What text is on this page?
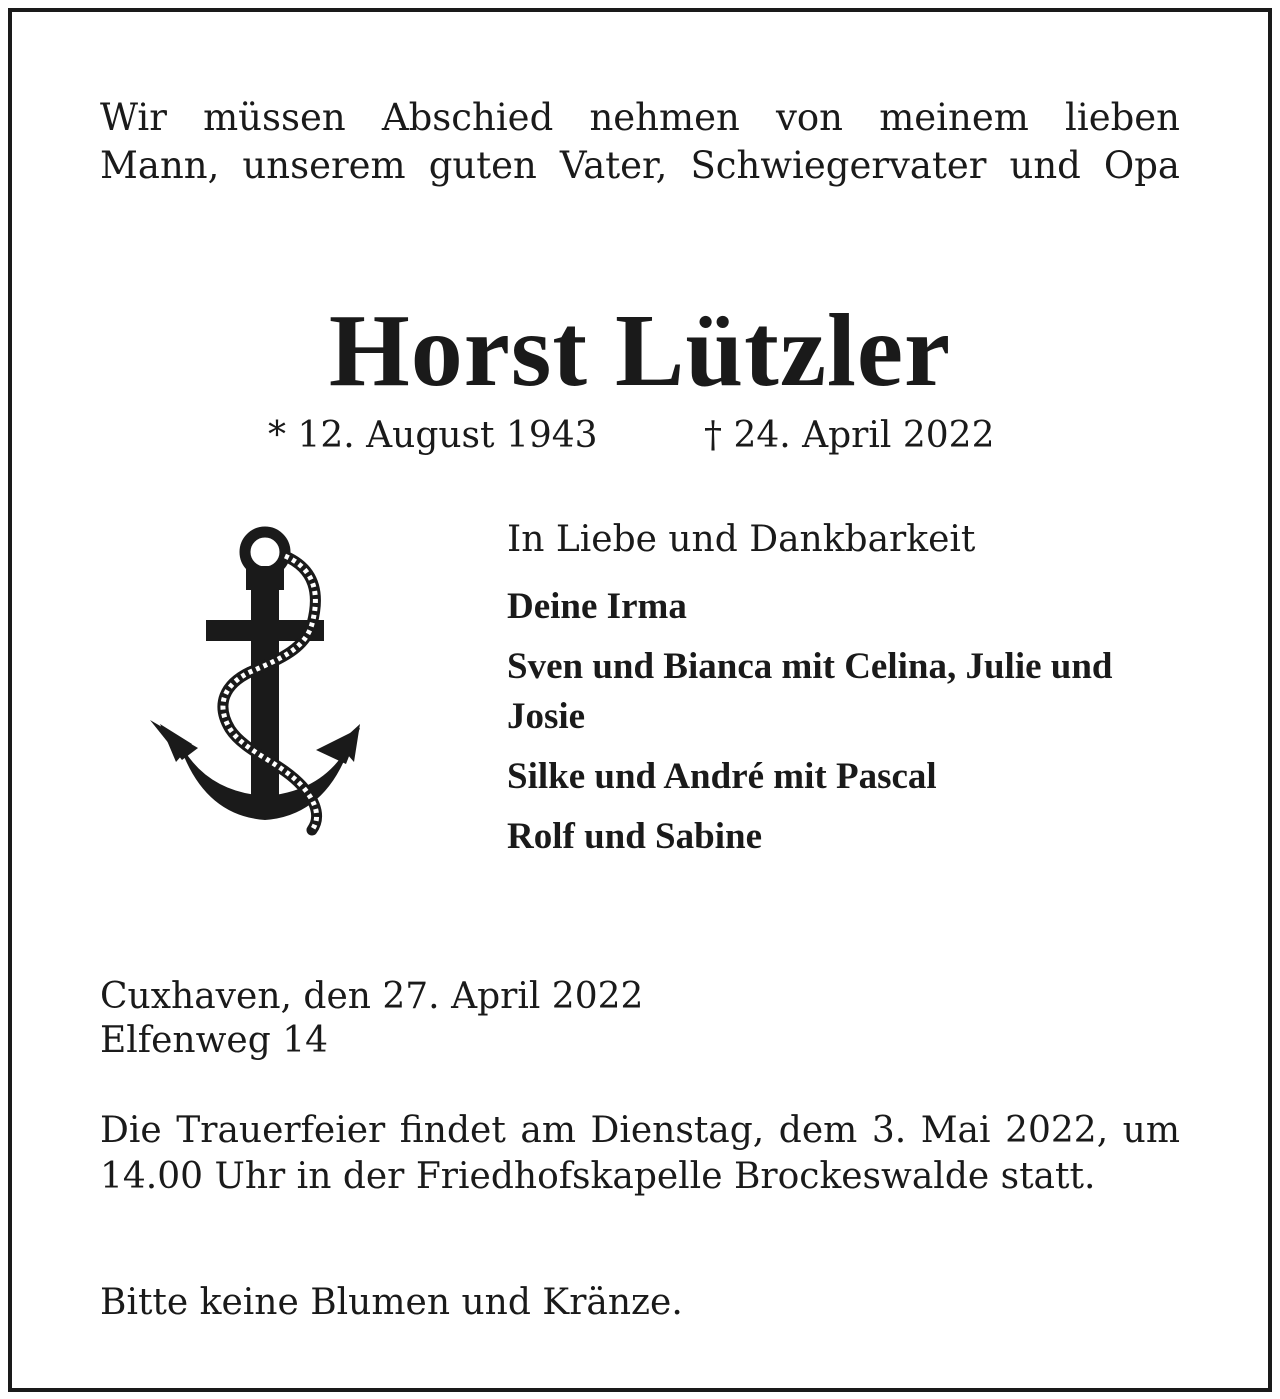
Wir müssen Abschied nehmen von meinem lieben
Mann, unserem guten Vater, Schwiegervater und Opa
Horst Lützler
* 12. August 1943	† 24. April 2022
In Liebe und Dankbarkeit
Deine Irma
Sven und Bianca mit Celina, Julie und Josie
Silke und André mit Pascal
Rolf und Sabine
Cuxhaven, den 27. April 2022
Elfenweg 14
Die Trauerfeier findet am Dienstag, dem 3. Mai 2022, um 14.00 Uhr in der Friedhofskapelle Brockeswalde statt.
Bitte keine Blumen und Kränze.
